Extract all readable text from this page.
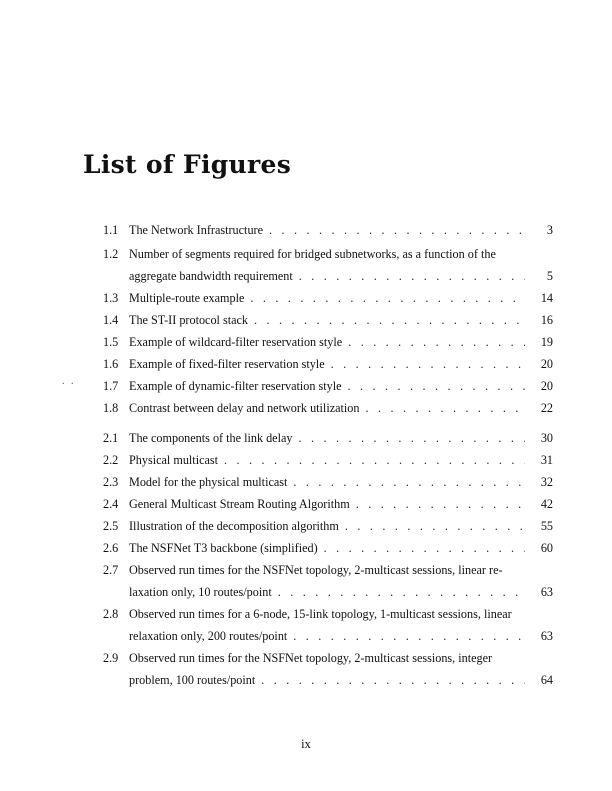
List of Figures
. .
1.1 The Network Infrastructure . . .	3
1.2 Number of segments required for bridged subnetworks, as a function of the
aggregate bandwidth requirement . . .	5
1.3 Multiple-route example . . .	14
1.4 The ST-II protocol stack . . .	16
1.5 Example of wildcard-filter reservation style . . .	19
1.6 Example of fixed-filter reservation style . . .	20
1.7 Example of dynamic-filter reservation style . . .	20
1.8 Contrast between delay and network utilization . . .	22
2.1 The components of the link delay . . .	30
2.2 Physical multicast . . .	31
2.3 Model for the physical multicast . . .	32
2.4 General Multicast Stream Routing Algorithm . . .	42
2.5 Illustration of the decomposition algorithm . . .	55
2.6 The NSFNet T3 backbone (simplified) . . .	60
2.7 Observed run times for the NSFNet topology, 2-multicast sessions, linear re-
laxation only, 10 routes/point . . .	63
2.8 Observed run times for a 6-node, 15-link topology, 1-multicast sessions, linear
relaxation only, 200 routes/point . . .	63
2.9 Observed run times for the NSFNet topology, 2-multicast sessions, integer
problem, 100 routes/point . . .	64
ix
